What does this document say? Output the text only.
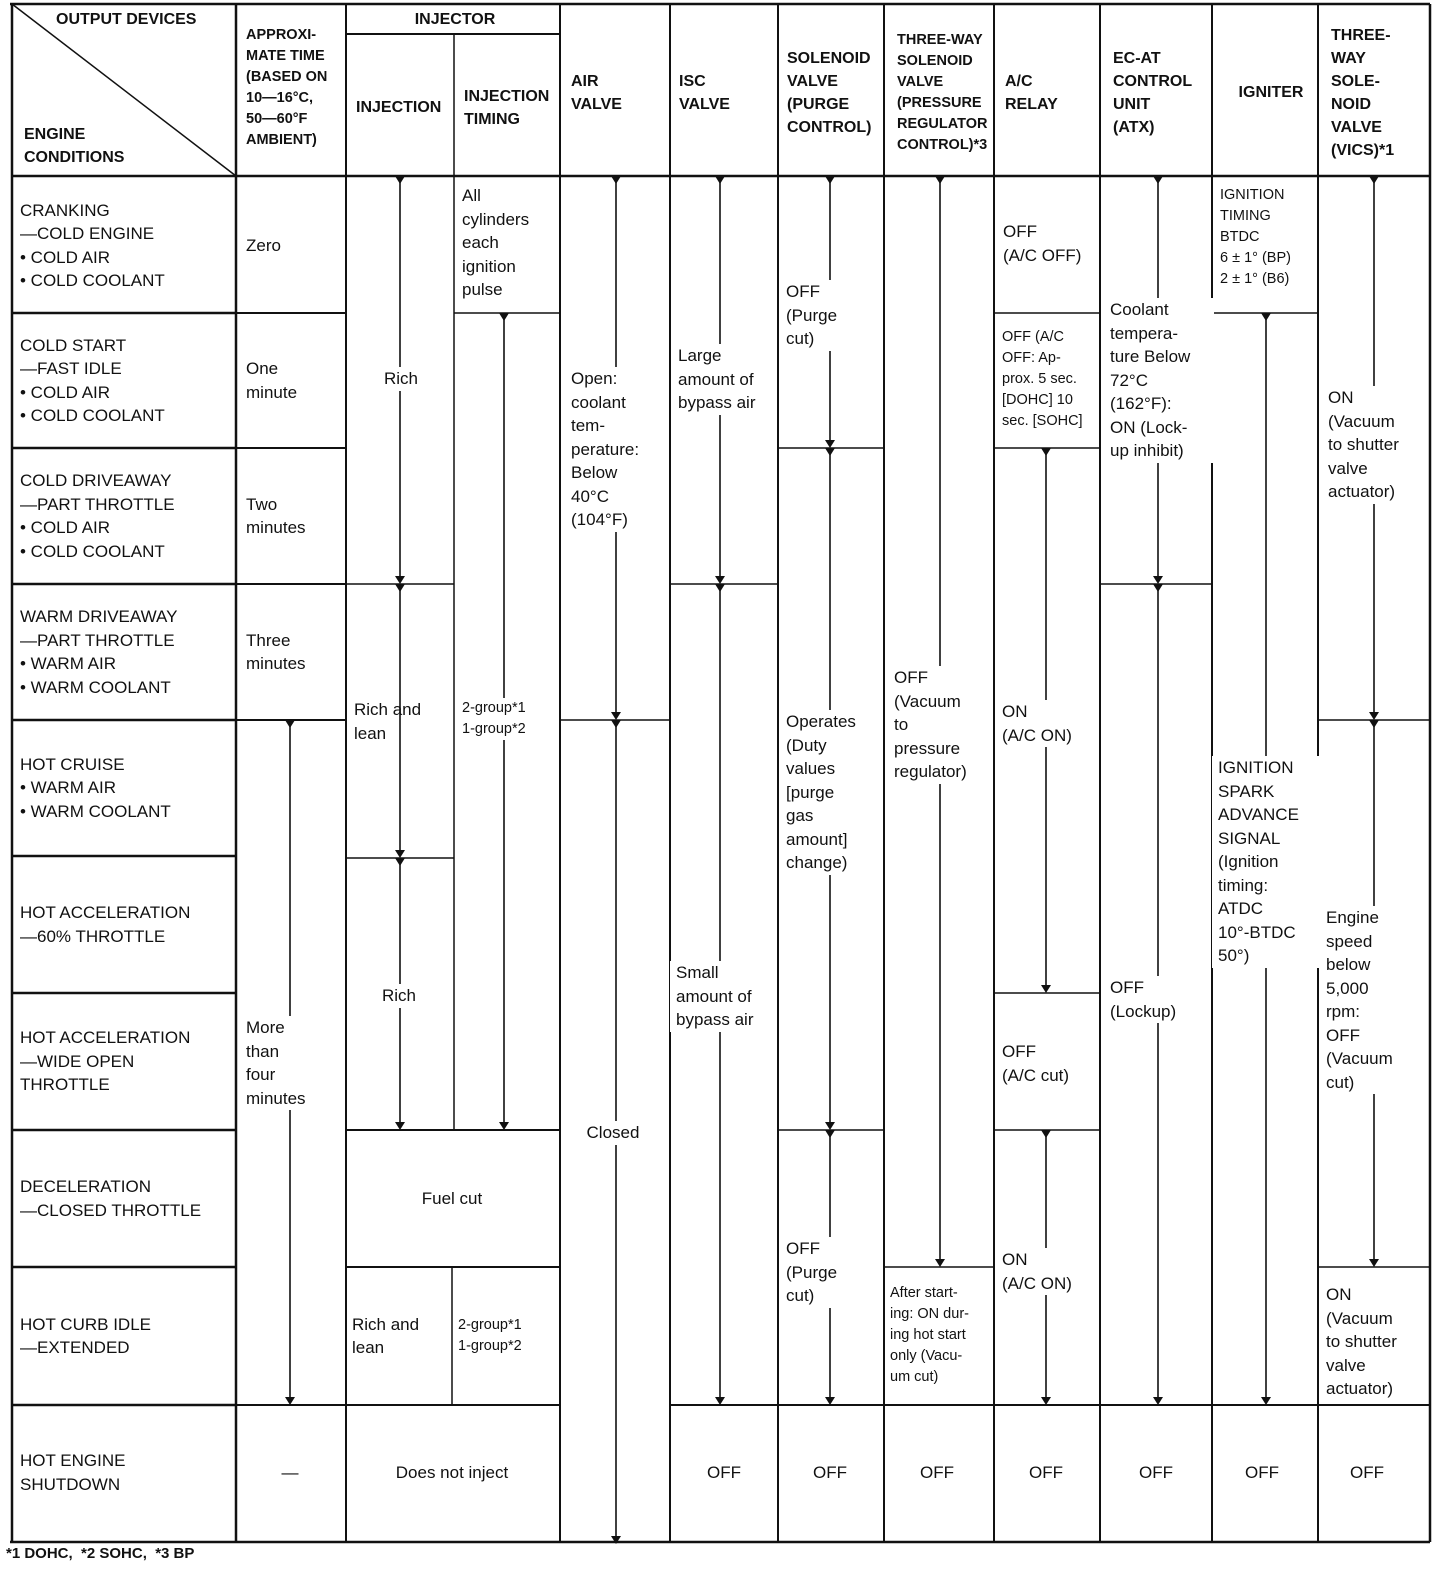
OUTPUT DEVICES
ENGINE
CONDITIONS
APPROXI-
MATE TIME
(BASED ON
10—16°C,
50—60°F
AMBIENT)
INJECTOR
INJECTION
INJECTION
TIMING
AIR
VALVE
ISC
VALVE
SOLENOID
VALVE
(PURGE
CONTROL)
THREE-WAY
SOLENOID
VALVE
(PRESSURE
REGULATOR
CONTROL)*3
A/C
RELAY
EC-AT
CONTROL
UNIT
(ATX)
IGNITER
THREE-
WAY
SOLE-
NOID
VALVE
(VICS)*1
CRANKING
—COLD ENGINE
• COLD AIR
• COLD COOLANT
COLD START
—FAST IDLE
• COLD AIR
• COLD COOLANT
COLD DRIVEAWAY
—PART THROTTLE
• COLD AIR
• COLD COOLANT
WARM DRIVEAWAY
—PART THROTTLE
• WARM AIR
• WARM COOLANT
HOT CRUISE
• WARM AIR
• WARM COOLANT
HOT ACCELERATION
—60% THROTTLE
HOT ACCELERATION
—WIDE OPEN
THROTTLE
DECELERATION
—CLOSED THROTTLE
HOT CURB IDLE
—EXTENDED
HOT ENGINE
SHUTDOWN
Zero
One
minute
Two
minutes
Three
minutes
More
than
four
minutes
—
Rich
Rich and
lean
Rich
Fuel cut
Rich and
lean
Does not inject
All
cylinders
each
ignition
pulse
2-group*1
1-group*2
2-group*1
1-group*2
Open:
coolant
tem-
perature:
Below
40°C
(104°F)
Closed
Large
amount of
bypass air
Small
amount of
bypass air
OFF
OFF
(Purge
cut)
Operates
(Duty
values
[purge
gas
amount]
change)
OFF
(Purge
cut)
OFF
OFF
(Vacuum
to
pressure
regulator)
After start-
ing: ON dur-
ing hot start
only (Vacu-
um cut)
OFF
OFF
(A/C OFF)
OFF (A/C
OFF: Ap-
prox. 5 sec.
[DOHC] 10
sec. [SOHC]
ON
(A/C ON)
OFF
(A/C cut)
ON
(A/C ON)
OFF
Coolant
tempera-
ture Below
72°C
(162°F):
ON (Lock-
up inhibit)
OFF
(Lockup)
OFF
IGNITION
TIMING
BTDC
6 ± 1° (BP)
2 ± 1° (B6)
IGNITION
SPARK
ADVANCE
SIGNAL
(Ignition
timing:
ATDC
10°-BTDC
50°)
OFF
ON
(Vacuum
to shutter
valve
actuator)
Engine
speed
below
5,000
rpm:
OFF
(Vacuum
cut)
ON
(Vacuum
to shutter
valve
actuator)
OFF
*1 DOHC,  *2 SOHC,  *3 BP
